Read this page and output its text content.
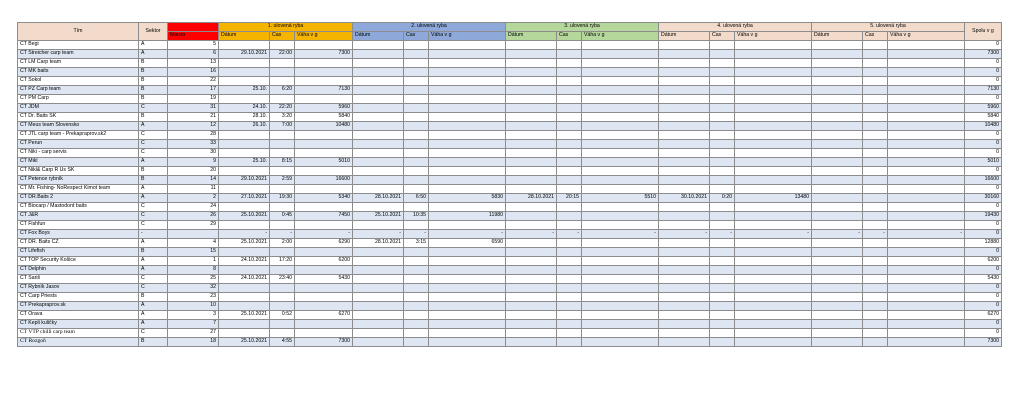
Tím	Sektor		1. ulovená ryba			2. ulovená ryba			3. ulovená ryba			4. ulovená ryba			5. ulovená ryba			Spolu v g
		Miesto	Dátum	Čas	Váha v g	Dátum	Čas	Váha v g	Dátum	Čas	Váha v g	Dátum	Čas	Váha v g	Dátum	Čas	Váha v g	
CT Begi	A	5																0
CT Streicher carp team	A	6	29.10.2021	22:00	7300													7300
CT LM Carp team	B	13																0
CT MK baits	B	16																0
CT Sokol	B	22																0
CT PZ Carp team	B	17	25.10.	6:20	7130													7130
CT PM Carp	B	19																0
CT JDM	C	31	24.10.	22:20	5960													5960
CT Dr. Baits SK	B	21	28.10.	3:20	5840													5840
CT Meus team Slovensko	A	12	26.10.	7:00	10480													10480
CT JTL carp team - Prekapraprov.sk2	C	28																0
CT Perun	C	33																0
CT Niki - carp servis	C	30																0
CT Mikl	A	9	25.10.	8:15	5010													5010
CT Nikl& Carp R Us SK	B	20																0
CT Petence rybník	B	14	29.10.2021	2:59	16600													16600
CT Mr. Fishing- NoRespect Kimot team	A	11																0
CT DR.Baits 2	A	2	27.10.2021	19:30	5340	28.10.2021	6:50	5830	28.10.2021	20:15	5510	30.10.2021	0:20	13480				30160
CT Biocarp / Mastodont baits	C	24																0
CT J&R	C	26	25.10.2021	0:45	7450	25.10.2021	10:35	11980										19430
CT Fishfun	C	29																0
CT Fox Boys	-		-	-	-	-	-	-	-	-	-	-	-	-	-	-	-	0
CT DR. Baits CZ	A	4	25.10.2021	2:00	6290	28.10.2021	3:15	6590										12880
CT Lifefish	B	15																0
CT TOP Security Košice	A	1	24.10.2021	17:20	6200													6200
CT Delphin	A	8																0
CT Šariš	C	25	24.10.2021	23:40	5430													5430
CT Rybník Jasov	C	32																0
CT Carp Priests	B	23																0
CT Prekapraprov.sk	A	10																0
CT Orava	A	3	25.10.2021	0:52	6270													6270
CT Kepli kuličky	A	7																0
CT VTP chilli carp team	C	27																0
CT Rozgoň	B	18	25.10.2021	4:55	7300													7300
